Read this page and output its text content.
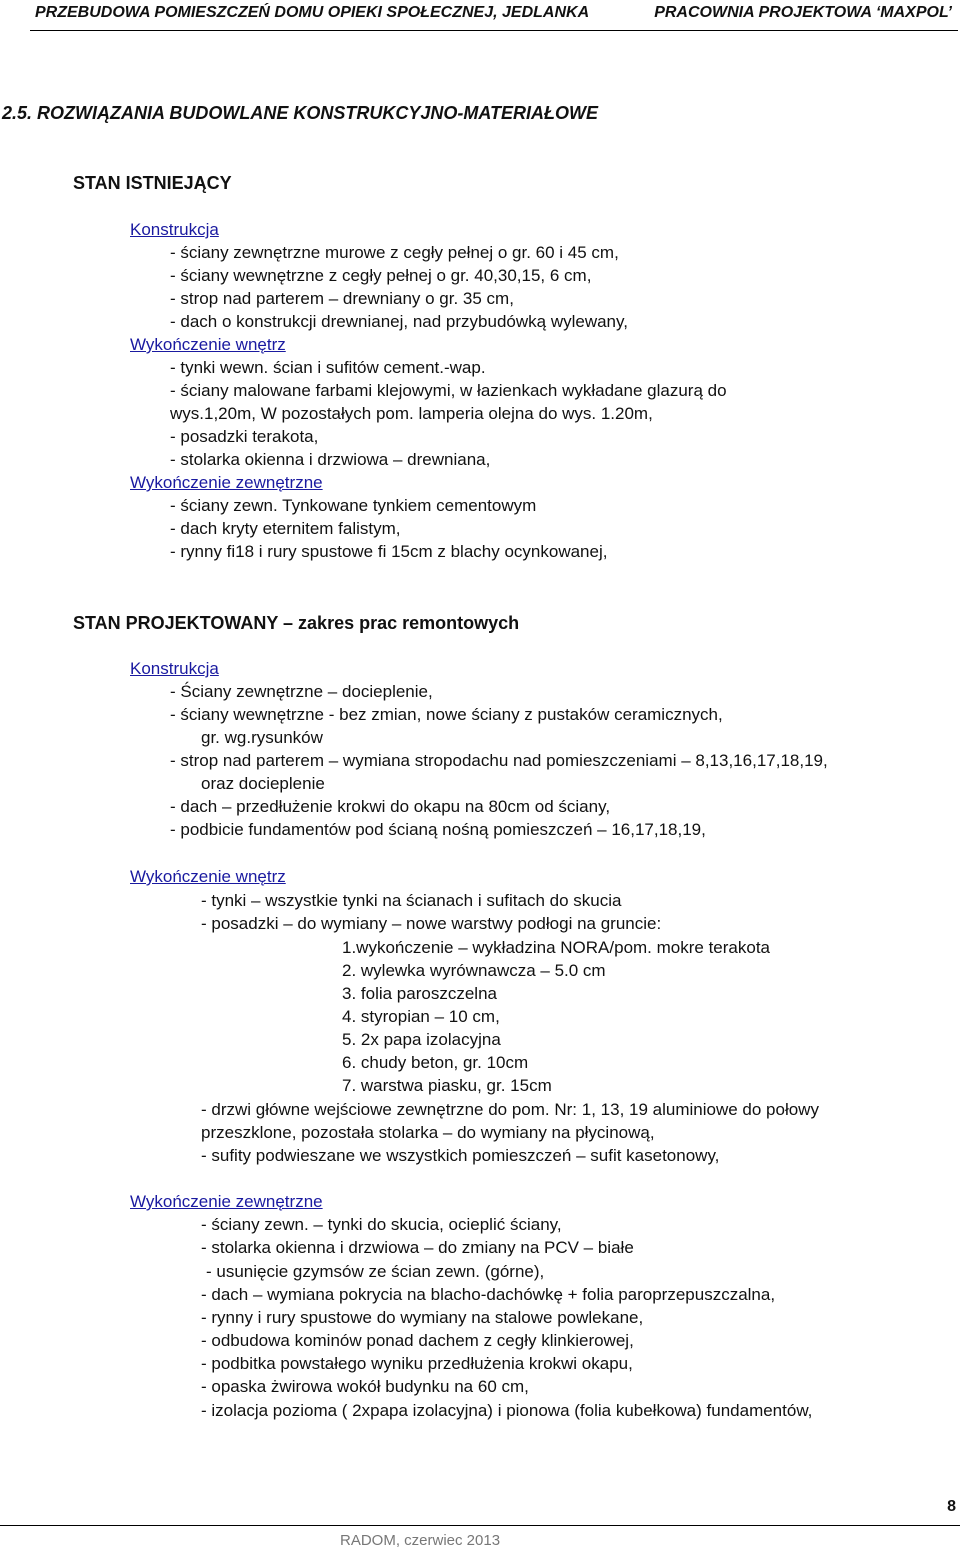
PRZEBUDOWA POMIESZCZEŃ DOMU OPIEKI SPOŁECZNEJ, JEDLANKA	PRACOWNIA PROJEKTOWA ‘MAXPOL’
2.5. ROZWIĄZANIA BUDOWLANE KONSTRUKCYJNO-MATERIAŁOWE
STAN ISTNIEJĄCY
Konstrukcja
- ściany zewnętrzne murowe z cegły pełnej o gr. 60 i 45 cm,
- ściany wewnętrzne z cegły pełnej o gr. 40,30,15, 6 cm,
- strop nad parterem – drewniany o gr. 35 cm,
- dach o konstrukcji drewnianej, nad przybudówką wylewany,
Wykończenie wnętrz
- tynki wewn. ścian i sufitów cement.-wap.
- ściany malowane farbami klejowymi, w łazienkach wykładane glazurą do
wys.1,20m, W pozostałych pom. lamperia olejna do wys. 1.20m,
- posadzki terakota,
- stolarka okienna i drzwiowa – drewniana,
Wykończenie zewnętrzne
- ściany zewn. Tynkowane tynkiem cementowym
- dach kryty eternitem falistym,
- rynny fi18 i rury spustowe fi 15cm z blachy ocynkowanej,
STAN PROJEKTOWANY – zakres prac remontowych
Konstrukcja
- Ściany zewnętrzne – docieplenie,
- ściany wewnętrzne - bez zmian, nowe ściany z pustaków ceramicznych,
gr. wg.rysunków
- strop nad parterem – wymiana stropodachu nad pomieszczeniami – 8,13,16,17,18,19,
oraz docieplenie
- dach – przedłużenie krokwi do okapu na 80cm od ściany,
- podbicie fundamentów pod ścianą nośną pomieszczeń – 16,17,18,19,
Wykończenie wnętrz
- tynki – wszystkie tynki na ścianach i sufitach do skucia
- posadzki – do wymiany – nowe warstwy podłogi na gruncie:
1.wykończenie – wykładzina NORA/pom. mokre terakota
2. wylewka wyrównawcza – 5.0 cm
3. folia paroszczelna
4. styropian – 10 cm,
5. 2x papa izolacyjna
6. chudy beton, gr. 10cm
7. warstwa piasku, gr. 15cm
- drzwi główne wejściowe zewnętrzne do pom. Nr: 1, 13, 19 aluminiowe do połowy
przeszklone, pozostała stolarka – do wymiany na płycinową,
- sufity podwieszane we wszystkich pomieszczeń – sufit kasetonowy,
Wykończenie zewnętrzne
- ściany zewn. – tynki do skucia, ocieplić ściany,
- stolarka okienna i drzwiowa – do zmiany na PCV – białe
- usunięcie gzymsów ze ścian zewn. (górne),
- dach – wymiana pokrycia na blacho-dachówkę + folia paroprzepuszczalna,
- rynny i rury spustowe do wymiany na stalowe powlekane,
- odbudowa kominów ponad dachem z cegły klinkierowej,
- podbitka powstałego wyniku przedłużenia krokwi okapu,
- opaska żwirowa wokół budynku na 60 cm,
- izolacja pozioma ( 2xpapa izolacyjna) i pionowa (folia kubełkowa) fundamentów,
8
RADOM, czerwiec 2013
